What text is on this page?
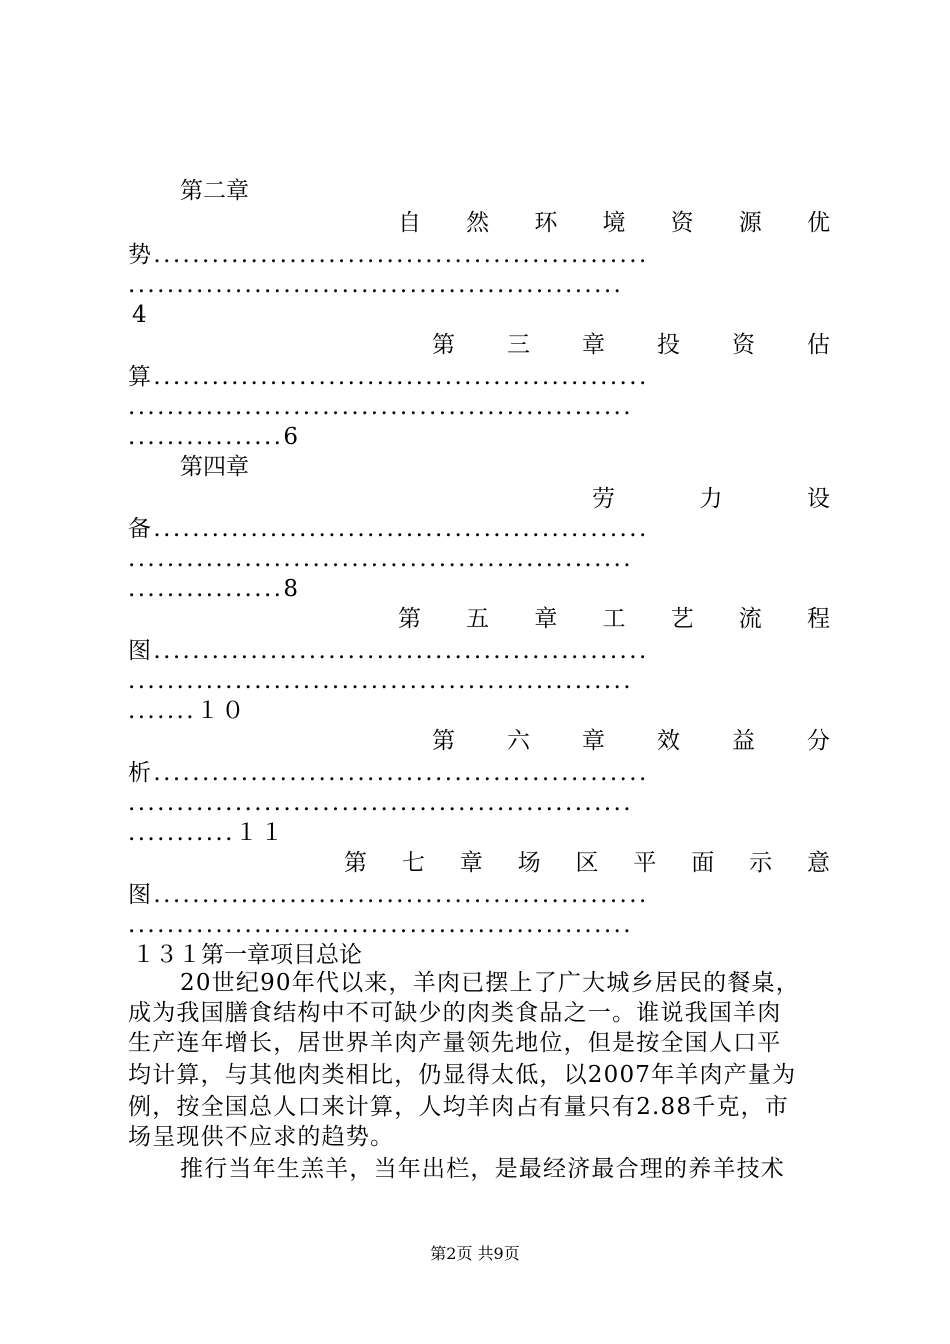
第二章
自 然 环 境 资 源 优
势...................................................
...................................................
4
第 三 章 投 资 估
算...................................................
....................................................
................6
第四章
劳	力	设
备...................................................
....................................................
................8
第 五 章 工 艺 流 程
图...................................................
....................................................
.......１０
第 六 章 效 益 分
析...................................................
....................................................
...........１１
第 七 章 场 区 平 面 示 意
图...................................................
....................................................
１３１第一章项目总论
20世纪90年代以来，羊肉已摆上了广大城乡居民的餐桌，
成为我国膳食结构中不可缺少的肉类食品之一。谁说我国羊肉
生产连年增长，居世界羊肉产量领先地位，但是按全国人口平
均计算，与其他肉类相比，仍显得太低，以2007年羊肉产量为
例，按全国总人口来计算，人均羊肉占有量只有2.88千克，市
场呈现供不应求的趋势。
推行当年生羔羊，当年出栏，是最经济最合理的养羊技术
第2页 共9页
